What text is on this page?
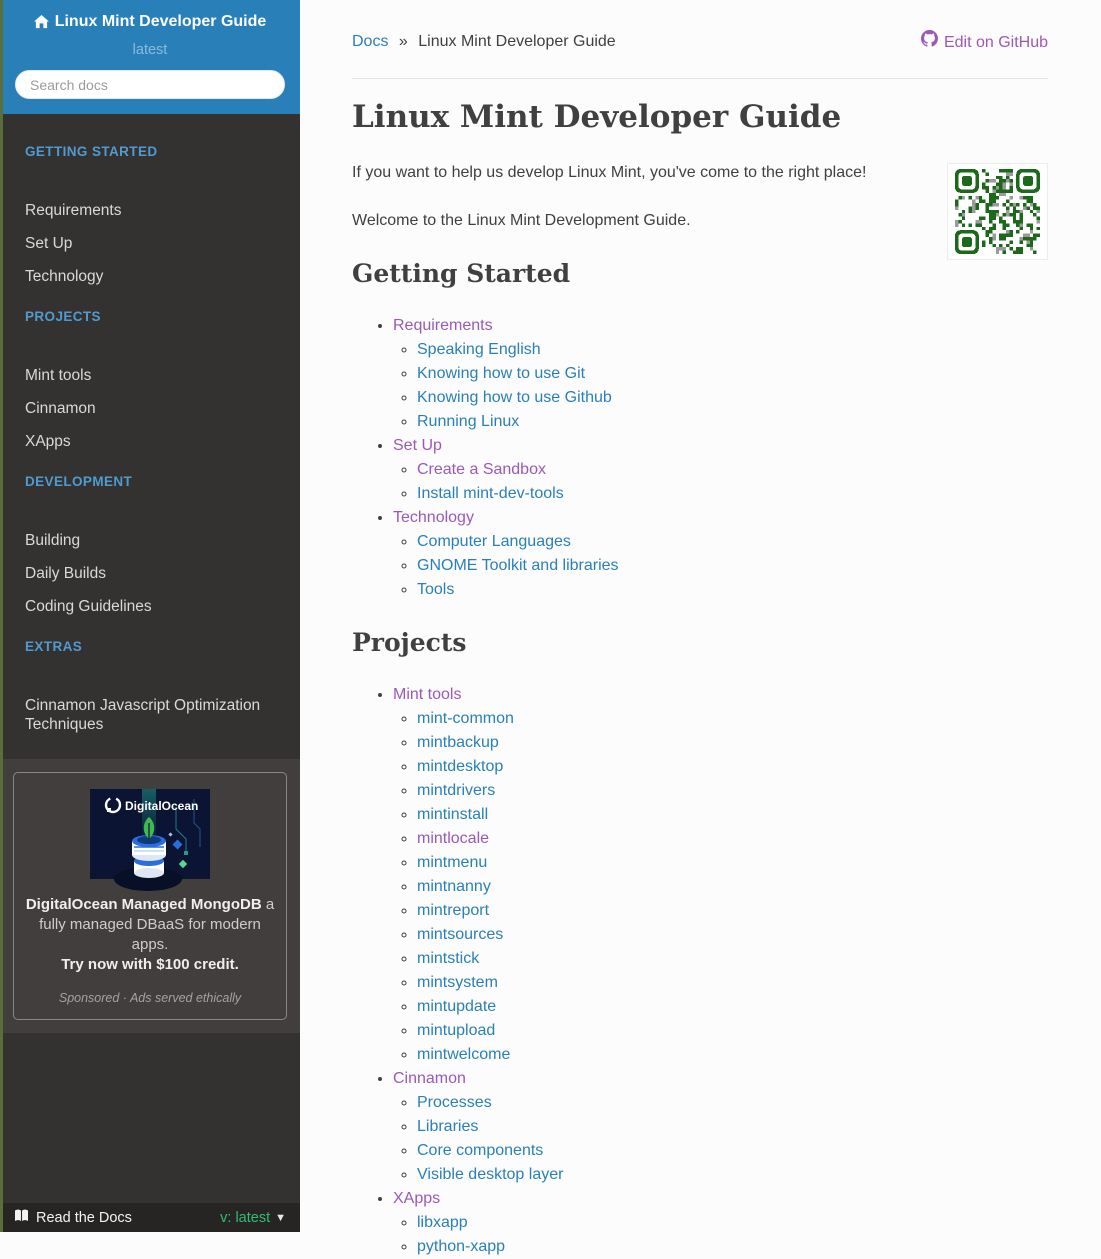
Linux Mint Developer Guide
latest
Search docs

GETTING STARTED

Requirements
Set Up
Technology

PROJECTS

Mint tools
Cinnamon
XApps

DEVELOPMENT

Building
Daily Builds
Coding Guidelines

EXTRAS

Cinnamon Javascript Optimization Techniques
DigitalOcean
DigitalOcean Managed MongoDB a fully managed DBaaS for modern apps.
Try now with $100 credit.
Sponsored · Ads served ethically
Read the Docs	v: latest ▼
Edit on GitHub
Docs » Linux Mint Developer Guide
Linux Mint Developer Guide

If you want to help us develop Linux Mint, you've come to the right place!

Welcome to the Linux Mint Development Guide.

Getting Started
• Requirements
◦ Speaking English
◦ Knowing how to use Git
◦ Knowing how to use Github
◦ Running Linux
• Set Up
◦ Create a Sandbox
◦ Install mint-dev-tools
• Technology
◦ Computer Languages
◦ GNOME Toolkit and libraries
◦ Tools
Projects
• Mint tools
◦ mint-common
◦ mintbackup
◦ mintdesktop
◦ mintdrivers
◦ mintinstall
◦ mintlocale
◦ mintmenu
◦ mintnanny
◦ mintreport
◦ mintsources
◦ mintstick
◦ mintsystem
◦ mintupdate
◦ mintupload
◦ mintwelcome
• Cinnamon
◦ Processes
◦ Libraries
◦ Core components
◦ Visible desktop layer
• XApps
◦ libxapp
◦ python-xapp
